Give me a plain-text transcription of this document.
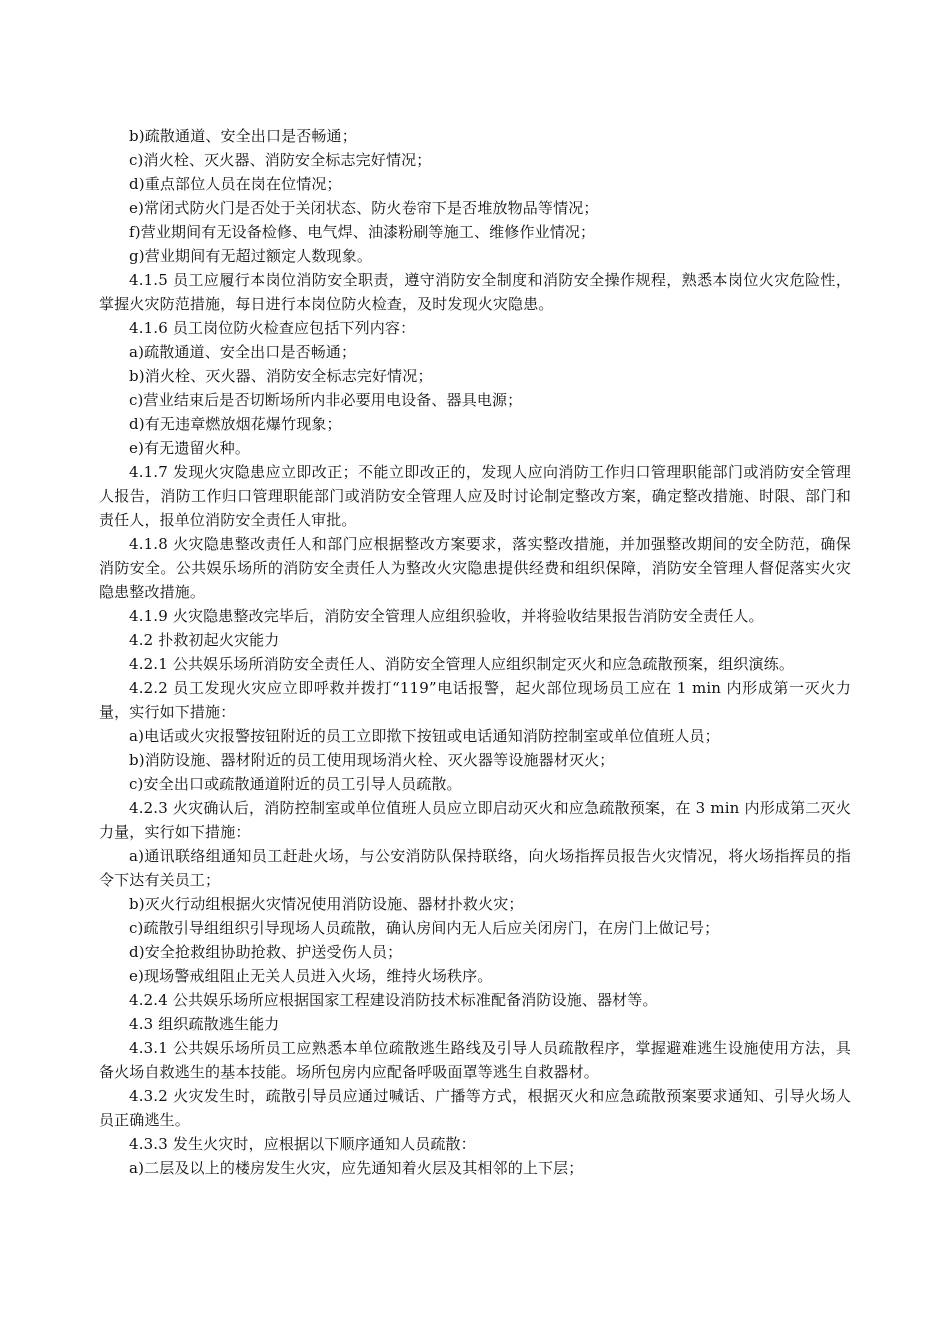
b)疏散通道、安全出口是否畅通；

c)消火栓、灭火器、消防安全标志完好情况；

d)重点部位人员在岗在位情况；

e)常闭式防火门是否处于关闭状态、防火卷帘下是否堆放物品等情况；

f)营业期间有无设备检修、电气焊、油漆粉刷等施工、维修作业情况；

g)营业期间有无超过额定人数现象。

4.1.5 员工应履行本岗位消防安全职责，遵守消防安全制度和消防安全操作规程，熟悉本岗位火灾危险性，掌握火灾防范措施，每日进行本岗位防火检查，及时发现火灾隐患。

4.1.6 员工岗位防火检查应包括下列内容：

a)疏散通道、安全出口是否畅通；

b)消火栓、灭火器、消防安全标志完好情况；

c)营业结束后是否切断场所内非必要用电设备、器具电源；

d)有无违章燃放烟花爆竹现象；

e)有无遗留火种。

4.1.7 发现火灾隐患应立即改正；不能立即改正的，发现人应向消防工作归口管理职能部门或消防安全管理人报告，消防工作归口管理职能部门或消防安全管理人应及时讨论制定整改方案，确定整改措施、时限、部门和责任人，报单位消防安全责任人审批。

4.1.8 火灾隐患整改责任人和部门应根据整改方案要求，落实整改措施，并加强整改期间的安全防范，确保消防安全。公共娱乐场所的消防安全责任人为整改火灾隐患提供经费和组织保障，消防安全管理人督促落实火灾隐患整改措施。

4.1.9 火灾隐患整改完毕后，消防安全管理人应组织验收，并将验收结果报告消防安全责任人。

4.2 扑救初起火灾能力

4.2.1 公共娱乐场所消防安全责任人、消防安全管理人应组织制定灭火和应急疏散预案，组织演练。

4.2.2 员工发现火灾应立即呼救并拨打“119”电话报警，起火部位现场员工应在 1 min 内形成第一灭火力量，实行如下措施：

a)电话或火灾报警按钮附近的员工立即揿下按钮或电话通知消防控制室或单位值班人员；

b)消防设施、器材附近的员工使用现场消火栓、灭火器等设施器材灭火；

c)安全出口或疏散通道附近的员工引导人员疏散。

4.2.3 火灾确认后，消防控制室或单位值班人员应立即启动灭火和应急疏散预案，在 3 min 内形成第二灭火力量，实行如下措施：

a)通讯联络组通知员工赶赴火场，与公安消防队保持联络，向火场指挥员报告火灾情况，将火场指挥员的指令下达有关员工；

b)灭火行动组根据火灾情况使用消防设施、器材扑救火灾；

c)疏散引导组组织引导现场人员疏散，确认房间内无人后应关闭房门，在房门上做记号；

d)安全抢救组协助抢救、护送受伤人员；

e)现场警戒组阻止无关人员进入火场，维持火场秩序。

4.2.4 公共娱乐场所应根据国家工程建设消防技术标准配备消防设施、器材等。

4.3 组织疏散逃生能力

4.3.1 公共娱乐场所员工应熟悉本单位疏散逃生路线及引导人员疏散程序，掌握避难逃生设施使用方法，具备火场自救逃生的基本技能。场所包房内应配备呼吸面罩等逃生自救器材。

4.3.2 火灾发生时，疏散引导员应通过喊话、广播等方式，根据灭火和应急疏散预案要求通知、引导火场人员正确逃生。

4.3.3 发生火灾时，应根据以下顺序通知人员疏散：

a)二层及以上的楼房发生火灾，应先通知着火层及其相邻的上下层；
